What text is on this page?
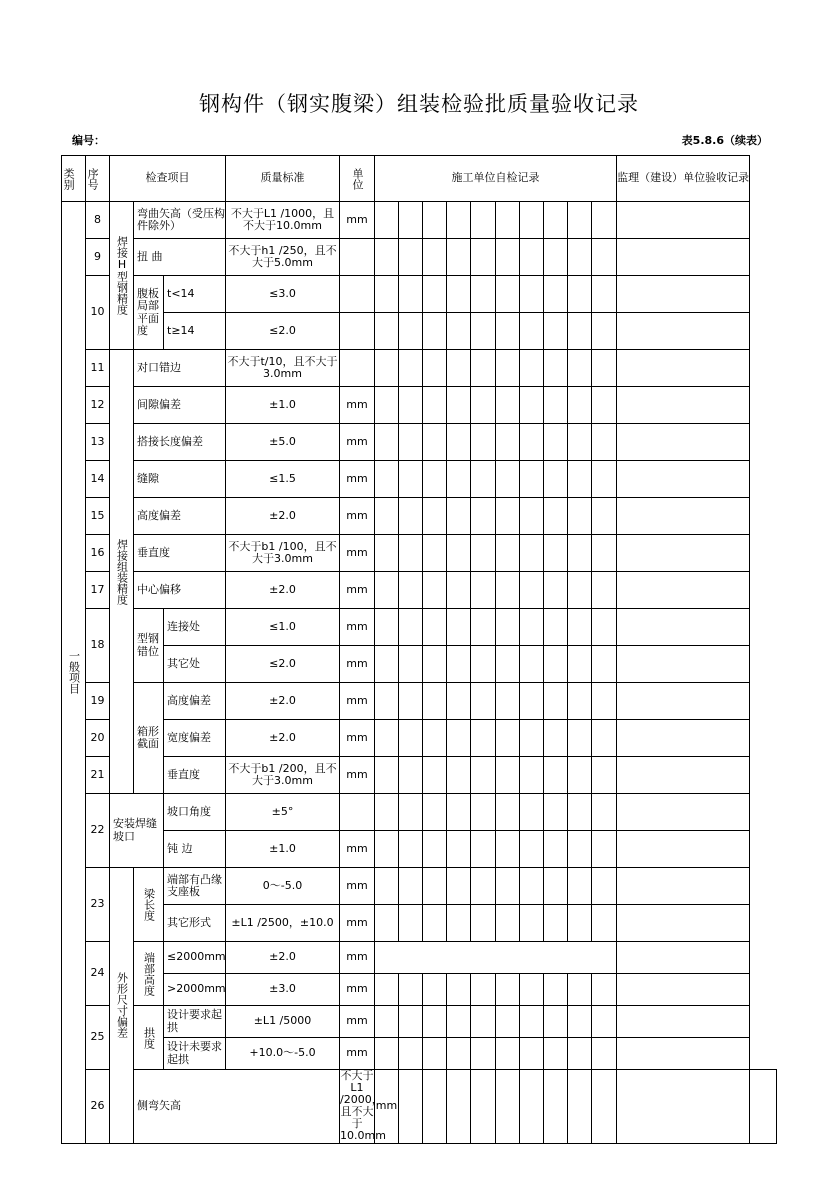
钢构件（钢实腹梁）组装检验批质量验收记录
编号：	表5.8.6（续表）
类别	序号	检查项目			质量标准	单位	施工单位自检记录										监理（建设）单位验收记录	

一般项目	8	焊接H型钢精度	弯曲矢高（受压构件除外）		不大于L1 /1000，且不大于10.0mm	mm												
	9		扭 曲		不大于h1 /250，且不大于5.0mm													
	10		腹板局部平面度	t<14	≤3.0													
				t≥14	≤2.0													
	11	焊接组装精度	对口错边		不大于t/10，且不大于3.0mm													
	12		间隙偏差		±1.0	mm												
	13		搭接长度偏差		±5.0	mm												
	14		缝隙		≤1.5	mm												
	15		高度偏差		±2.0	mm												
	16		垂直度		不大于b1 /100，且不大于3.0mm	mm												
	17		中心偏移		±2.0	mm												
	18		型钢错位	连接处	≤1.0	mm												
				其它处	≤2.0	mm												
	19		箱形截面	高度偏差	±2.0	mm												
	20			宽度偏差	±2.0	mm												
	21			垂直度	不大于b1 /200，且不大于3.0mm	mm												
	22	安装焊缝坡口		坡口角度	±5°													
				钝 边	±1.0	mm												
	23	外形尺寸偏差	梁长度	端部有凸缘支座板	0～-5.0	mm												
				其它形式	±L1 /2500，±10.0	mm												
	24		端部高度	≤2000mm	±2.0	mm												
				>2000mm	±3.0	mm												
	25		拱度	设计要求起拱	±L1 /5000	mm												
				设计未要求起拱	+10.0～-5.0	mm												
	26		侧弯矢高			不大于L1 /2000，且不大于10.0mm	mm											
